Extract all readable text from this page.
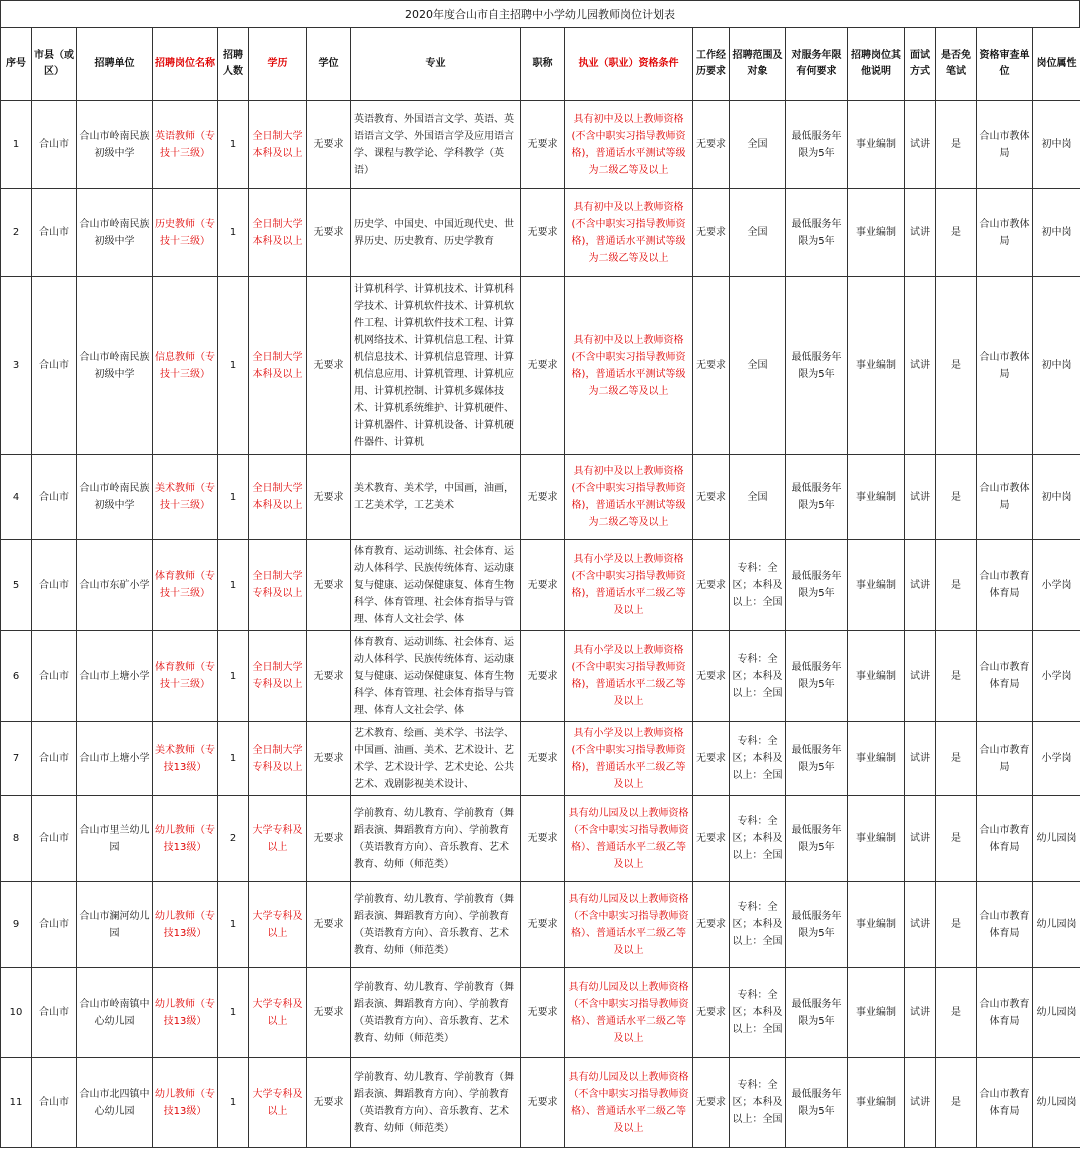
2020年度合山市自主招聘中小学幼儿园教师岗位计划表
序号	市县（或区）	招聘单位	招聘岗位名称	招聘人数	学历	学位	专业	职称	执业（职业）资格条件	工作经历要求	招聘范围及对象	对服务年限有何要求	招聘岗位其他说明	面试方式	是否免笔试	资格审查单位	岗位属性
1	合山市	合山市岭南民族初级中学	英语教师（专技十三级）	1	全日制大学本科及以上	无要求	英语教育、外国语言文学、英语、英语语言文学、外国语言学及应用语言学、课程与教学论、学科教学（英语）	无要求	具有初中及以上教师资格(不含中职实习指导教师资格)，普通话水平测试等级为二级乙等及以上	无要求	全国	最低服务年限为5年	事业编制	试讲	是	合山市教体局	初中岗
2	合山市	合山市岭南民族初级中学	历史教师（专技十三级）	1	全日制大学本科及以上	无要求	历史学、中国史、中国近现代史、世界历史、历史教育、历史学教育	无要求	具有初中及以上教师资格(不含中职实习指导教师资格)，普通话水平测试等级为二级乙等及以上	无要求	全国	最低服务年限为5年	事业编制	试讲	是	合山市教体局	初中岗
3	合山市	合山市岭南民族初级中学	信息教师（专技十三级）	1	全日制大学本科及以上	无要求	计算机科学、计算机技术、计算机科学技术、计算机软件技术、计算机软件工程、计算机软件技术工程、计算机网络技术、计算机信息工程、计算机信息技术、计算机信息管理、计算机信息应用、计算机管理、计算机应用、计算机控制、计算机多媒体技术、计算机系统维护、计算机硬件、计算机器件、计算机设备、计算机硬件器件、计算机	无要求	具有初中及以上教师资格(不含中职实习指导教师资格)，普通话水平测试等级为二级乙等及以上	无要求	全国	最低服务年限为5年	事业编制	试讲	是	合山市教体局	初中岗
4	合山市	合山市岭南民族初级中学	美术教师（专技十三级）	1	全日制大学本科及以上	无要求	美术教育、美术学，中国画，油画，工艺美术学，工艺美术	无要求	具有初中及以上教师资格(不含中职实习指导教师资格)，普通话水平测试等级为二级乙等及以上	无要求	全国	最低服务年限为5年	事业编制	试讲	是	合山市教体局	初中岗
5	合山市	合山市东矿小学	体育教师（专技十三级）	1	全日制大学专科及以上	无要求	体育教育、运动训练、社会体育、运动人体科学、民族传统体育、运动康复与健康、运动保健康复、体育生物科学、体育管理、社会体育指导与管理、体育人文社会学、体	无要求	具有小学及以上教师资格(不含中职实习指导教师资格)，普通话水平二级乙等及以上	无要求	专科：全区；本科及以上：全国	最低服务年限为5年	事业编制	试讲	是	合山市教育体育局	小学岗
6	合山市	合山市上塘小学	体育教师（专技十三级）	1	全日制大学专科及以上	无要求	体育教育、运动训练、社会体育、运动人体科学、民族传统体育、运动康复与健康、运动保健康复、体育生物科学、体育管理、社会体育指导与管理、体育人文社会学、体	无要求	具有小学及以上教师资格(不含中职实习指导教师资格)，普通话水平二级乙等及以上	无要求	专科：全区；本科及以上：全国	最低服务年限为5年	事业编制	试讲	是	合山市教育体育局	小学岗
7	合山市	合山市上塘小学	美术教师（专技13级）	1	全日制大学专科及以上	无要求	艺术教育、绘画、美术学、书法学、中国画、油画、美术、艺术设计、艺术学、艺术设计学、艺术史论、公共艺术、戏剧影视美术设计、	无要求	具有小学及以上教师资格(不含中职实习指导教师资格)，普通话水平二级乙等及以上	无要求	专科：全区；本科及以上：全国	最低服务年限为5年	事业编制	试讲	是	合山市教育局	小学岗
8	合山市	合山市里兰幼儿园	幼儿教师（专技13级）	2	大学专科及以上	无要求	学前教育、幼儿教育、学前教育（舞蹈表演、舞蹈教育方向）、学前教育（英语教育方向）、音乐教育、艺术教育、幼师（师范类）	无要求	具有幼儿园及以上教师资格（不含中职实习指导教师资格）、普通话水平二级乙等及以上	无要求	专科：全区；本科及以上：全国	最低服务年限为5年	事业编制	试讲	是	合山市教育体育局	幼儿园岗
9	合山市	合山市澜河幼儿园	幼儿教师（专技13级）	1	大学专科及以上	无要求	学前教育、幼儿教育、学前教育（舞蹈表演、舞蹈教育方向）、学前教育（英语教育方向）、音乐教育、艺术教育、幼师（师范类）	无要求	具有幼儿园及以上教师资格（不含中职实习指导教师资格）、普通话水平二级乙等及以上	无要求	专科：全区；本科及以上：全国	最低服务年限为5年	事业编制	试讲	是	合山市教育体育局	幼儿园岗
10	合山市	合山市岭南镇中心幼儿园	幼儿教师（专技13级）	1	大学专科及以上	无要求	学前教育、幼儿教育、学前教育（舞蹈表演、舞蹈教育方向）、学前教育（英语教育方向）、音乐教育、艺术教育、幼师（师范类）	无要求	具有幼儿园及以上教师资格（不含中职实习指导教师资格）、普通话水平二级乙等及以上	无要求	专科：全区；本科及以上：全国	最低服务年限为5年	事业编制	试讲	是	合山市教育体育局	幼儿园岗
11	合山市	合山市北四镇中心幼儿园	幼儿教师（专技13级）	1	大学专科及以上	无要求	学前教育、幼儿教育、学前教育（舞蹈表演、舞蹈教育方向）、学前教育（英语教育方向）、音乐教育、艺术教育、幼师（师范类）	无要求	具有幼儿园及以上教师资格（不含中职实习指导教师资格）、普通话水平二级乙等及以上	无要求	专科：全区；本科及以上：全国	最低服务年限为5年	事业编制	试讲	是	合山市教育体育局	幼儿园岗
